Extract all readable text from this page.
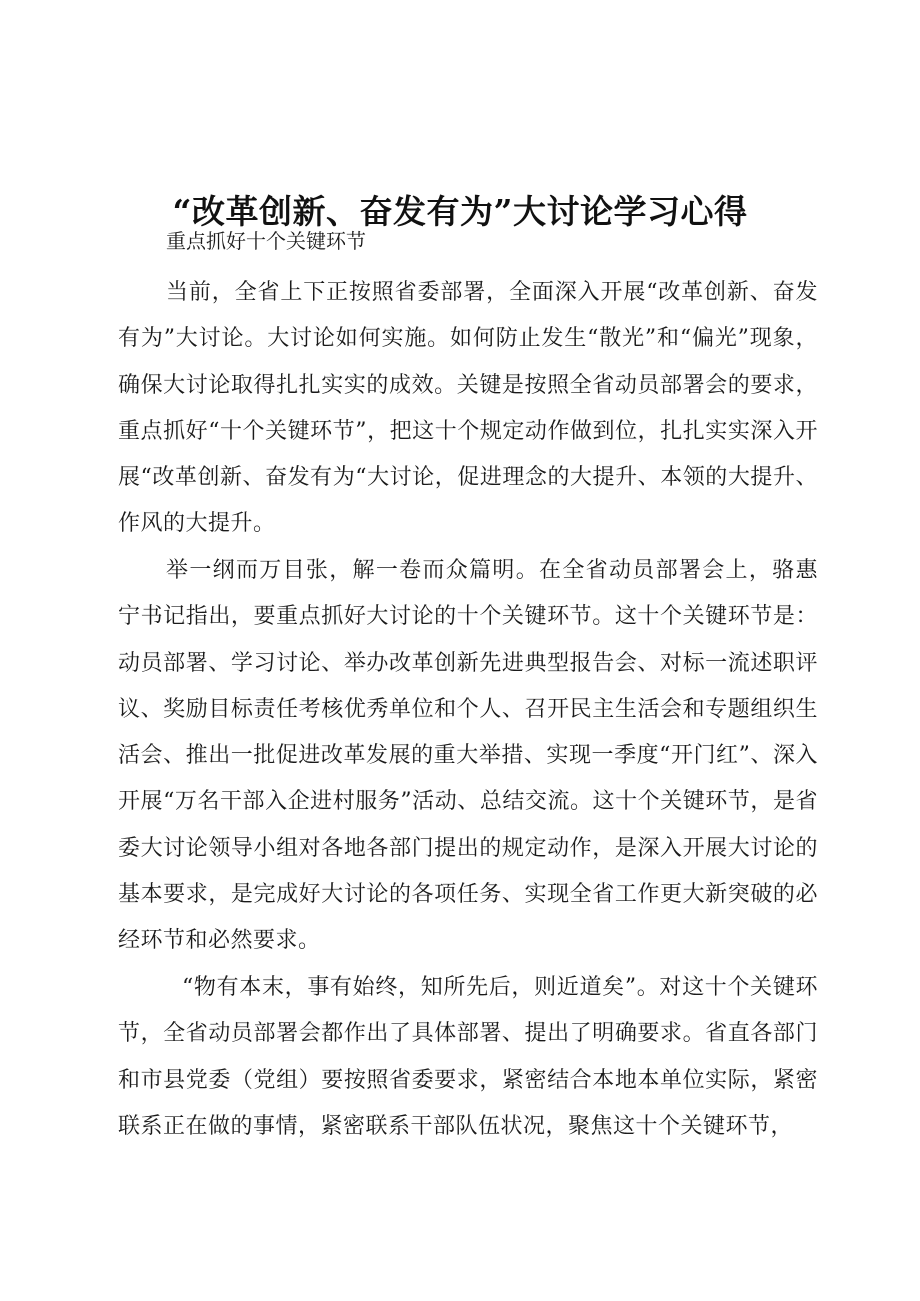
“改革创新、奋发有为”大讨论学习心得
重点抓好十个关键环节

当前，全省上下正按照省委部署，全面深入开展“改革创新、奋发有为”大讨论。大讨论如何实施。如何防止发生“散光”和“偏光”现象，确保大讨论取得扎扎实实的成效。关键是按照全省动员部署会的要求，重点抓好“十个关键环节”，把这十个规定动作做到位，扎扎实实深入开展“改革创新、奋发有为“大讨论，促进理念的大提升、本领的大提升、作风的大提升。

举一纲而万目张，解一卷而众篇明。在全省动员部署会上，骆惠宁书记指出，要重点抓好大讨论的十个关键环节。这十个关键环节是：动员部署、学习讨论、举办改革创新先进典型报告会、对标一流述职评议、奖励目标责任考核优秀单位和个人、召开民主生活会和专题组织生活会、推出一批促进改革发展的重大举措、实现一季度“开门红”、深入开展“万名干部入企进村服务”活动、总结交流。这十个关键环节，是省委大讨论领导小组对各地各部门提出的规定动作，是深入开展大讨论的基本要求，是完成好大讨论的各项任务、实现全省工作更大新突破的必经环节和必然要求。

“物有本末，事有始终，知所先后，则近道矣”。对这十个关键环节，全省动员部署会都作出了具体部署、提出了明确要求。省直各部门和市县党委（党组）要按照省委要求，紧密结合本地本单位实际，紧密联系正在做的事情，紧密联系干部队伍状况，聚焦这十个关键环节，
